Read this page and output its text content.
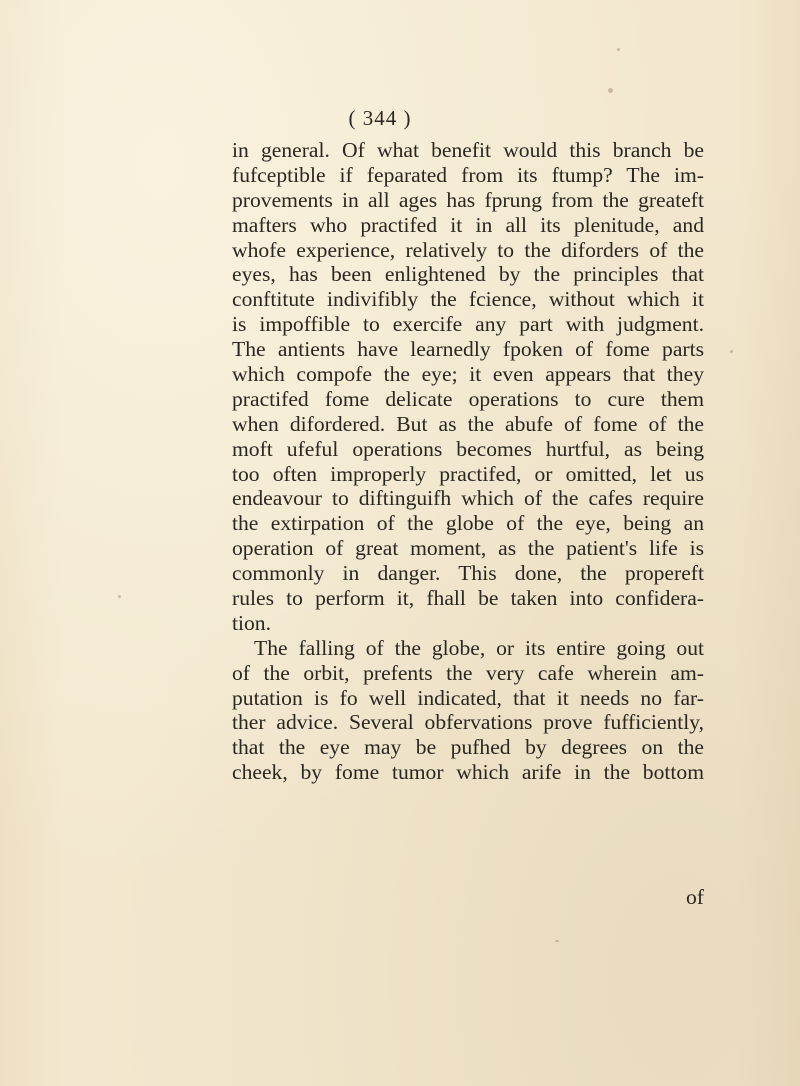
( 344 )
in general. Of what benefit would this branch be
fufceptible if feparated from its ftump? The im-
provements in all ages has fprung from the greateft
mafters who practifed it in all its plenitude, and
whofe experience, relatively to the diforders of the
eyes, has been enlightened by the principles that
conftitute indivifibly the fcience, without which it
is impoffible to exercife any part with judgment.
The antients have learnedly fpoken of fome parts
which compofe the eye; it even appears that they
practifed fome delicate operations to cure them
when difordered. But as the abufe of fome of the
moft ufeful operations becomes hurtful, as being
too often improperly practifed, or omitted, let us
endeavour to diftinguifh which of the cafes require
the extirpation of the globe of the eye, being an
operation of great moment, as the patient's life is
commonly in danger. This done, the propereft
rules to perform it, fhall be taken into confidera-
tion.
The falling of the globe, or its entire going out
of the orbit, prefents the very cafe wherein am-
putation is fo well indicated, that it needs no far-
ther advice. Several obfervations prove fufficiently,
that the eye may be pufhed by degrees on the
cheek, by fome tumor which arife in the bottom
of
